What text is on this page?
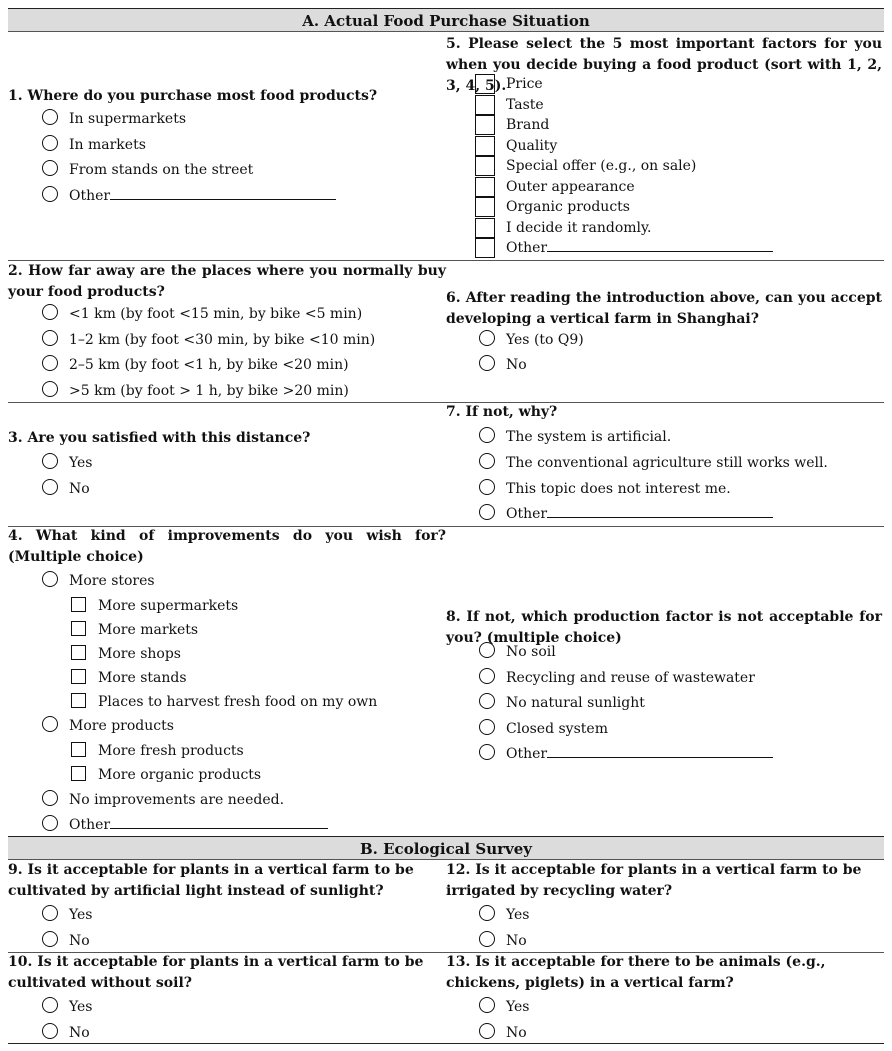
A. Actual Food Purchase Situation
1. Where do you purchase most food products?
In supermarkets
In markets
From stands on the street
Other
5. Please select the 5 most important factors for you when you decide buying a food product (sort with 1, 2, 3, 4, 5). Price
Taste
Brand
Quality
Special offer (e.g., on sale)
Outer appearance
Organic products
I decide it randomly.
Other
2. How far away are the places where you normally buy your food products?
<1 km (by foot <15 min, by bike <5 min)
1–2 km (by foot <30 min, by bike <10 min)
2–5 km (by foot <1 h, by bike <20 min)
>5 km (by foot > 1 h, by bike >20 min)
6. After reading the introduction above, can you accept developing a vertical farm in Shanghai?
Yes (to Q9)
No
3. Are you satisfied with this distance?
Yes
No
7. If not, why?
The system is artificial.
The conventional agriculture still works well.
This topic does not interest me.
Other
4. What kind of improvements do you wish for? (Multiple choice)
More stores
More supermarkets
More markets
More shops
More stands
Places to harvest fresh food on my own
More products
More fresh products
More organic products
No improvements are needed.
Other
8. If not, which production factor is not acceptable for you? (multiple choice)
No soil
Recycling and reuse of wastewater
No natural sunlight
Closed system
Other
B. Ecological Survey
9. Is it acceptable for plants in a vertical farm to be cultivated by artificial light instead of sunlight?
Yes
No
12. Is it acceptable for plants in a vertical farm to be irrigated by recycling water?
Yes
No
10. Is it acceptable for plants in a vertical farm to be cultivated without soil?
Yes
No
13. Is it acceptable for there to be animals (e.g., chickens, piglets) in a vertical farm?
Yes
No
